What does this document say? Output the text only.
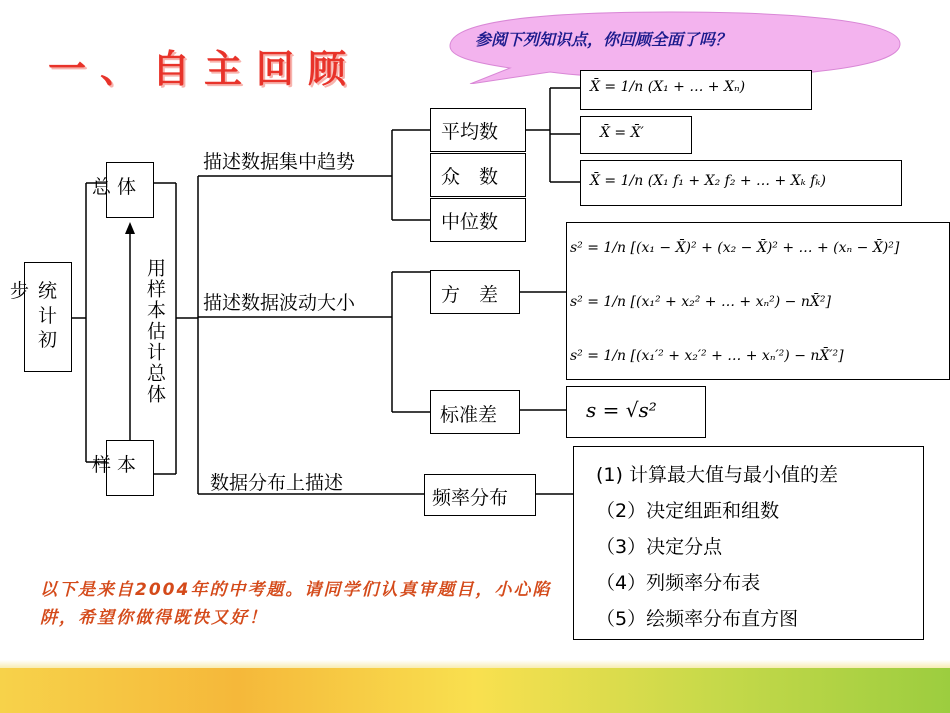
一、自主回顾
参阅下列知识点，你回顾全面了吗？
步 统
计
初
总 体
样 本
用样本估计总体
描述数据集中趋势
描述数据波动大小
数据分布上描述
平均数
众　数
中位数
方　差
标准差
频率分布
X̄ = 1/n (X₁ + … + Xₙ)
X̄ = X̄′
X̄ = 1/n (X₁ f₁ + X₂ f₂ + … + Xₖ fₖ)
s² = 1/n [(x₁ − X̄)² + (x₂ − X̄)² + … + (xₙ − X̄)²]
s² = 1/n [(x₁² + x₂² + … + xₙ²) − nX̄²]
s² = 1/n [(x₁′² + x₂′² + … + xₙ′²) − nX̄′²]
s = √s²
(1) 计算最大值与最小值的差
（2）决定组距和组数
（3）决定分点
（4）列频率分布表
（5）绘频率分布直方图
以下是来自2004年的中考题。请同学们认真审题目，小心陷阱，希望你做得既快又好！
